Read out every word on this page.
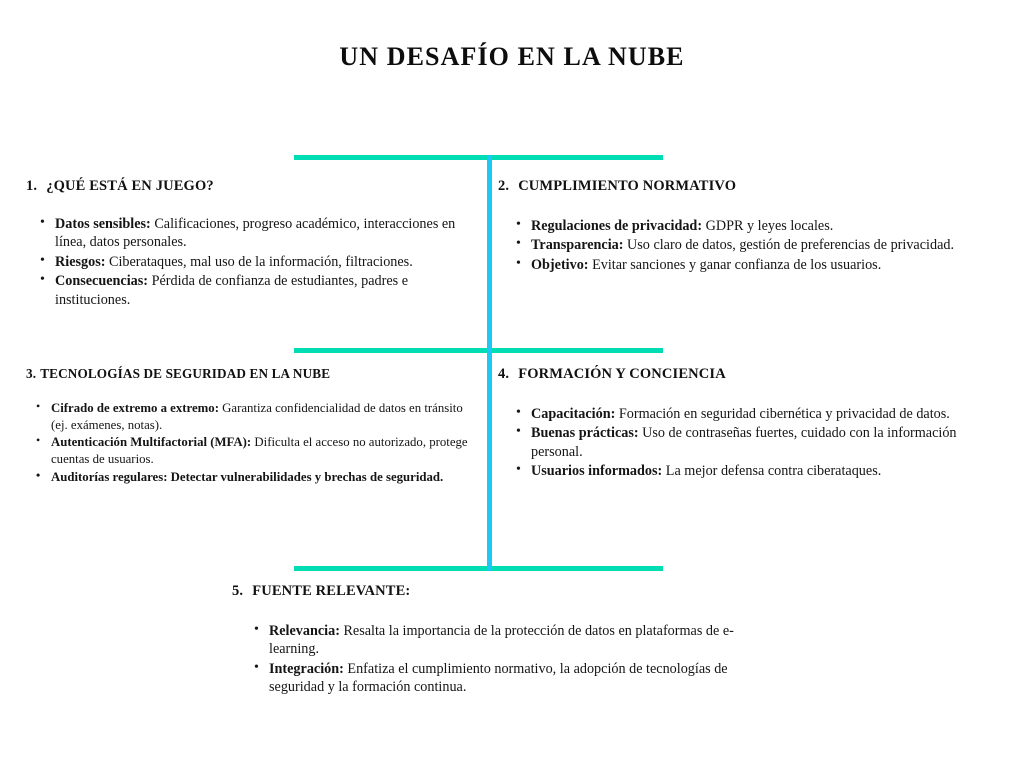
UN DESAFÍO EN LA NUBE
1. ¿QUÉ ESTÁ EN JUEGO?
• Datos sensibles: Calificaciones, progreso académico, interacciones en línea, datos personales.
• Riesgos: Ciberataques, mal uso de la información, filtraciones.
• Consecuencias: Pérdida de confianza de estudiantes, padres e instituciones.
2. CUMPLIMIENTO NORMATIVO
• Regulaciones de privacidad: GDPR y leyes locales.
• Transparencia: Uso claro de datos, gestión de preferencias de privacidad.
• Objetivo: Evitar sanciones y ganar confianza de los usuarios.
3. TECNOLOGÍAS DE SEGURIDAD EN LA NUBE
• Cifrado de extremo a extremo: Garantiza confidencialidad de datos en tránsito (ej. exámenes, notas).
• Autenticación Multifactorial (MFA): Dificulta el acceso no autorizado, protege cuentas de usuarios.
• Auditorías regulares: Detectar vulnerabilidades y brechas de seguridad.
4. FORMACIÓN Y CONCIENCIA
• Capacitación: Formación en seguridad cibernética y privacidad de datos.
• Buenas prácticas: Uso de contraseñas fuertes, cuidado con la información personal.
• Usuarios informados: La mejor defensa contra ciberataques.
5. FUENTE RELEVANTE:
• Relevancia: Resalta la importancia de la protección de datos en plataformas de e-learning.
• Integración: Enfatiza el cumplimiento normativo, la adopción de tecnologías de seguridad y la formación continua.
